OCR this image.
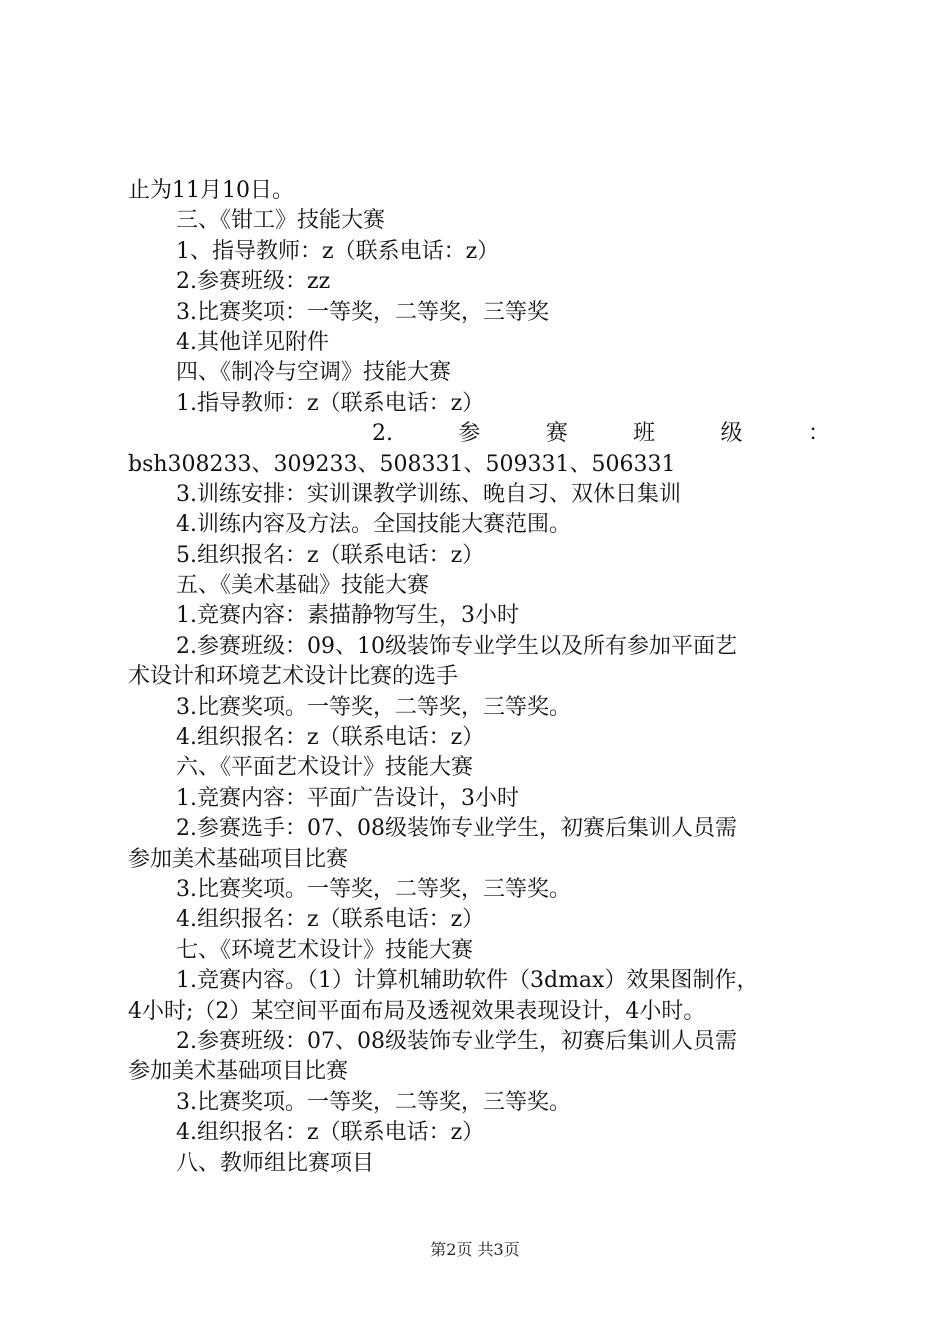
止为11月10日。
三、《钳工》技能大赛
1、指导教师：z（联系电话：z）
2.参赛班级：zz
3.比赛奖项：一等奖，二等奖，三等奖
4.其他详见附件
四、《制冷与空调》技能大赛
1.指导教师：z（联系电话：z）
2.	参	赛	班	级	：
bsh308233、309233、508331、509331、506331
3.训练安排：实训课教学训练、晚自习、双休日集训
4.训练内容及方法。全国技能大赛范围。
5.组织报名：z（联系电话：z）
五、《美术基础》技能大赛
1.竞赛内容：素描静物写生，3小时
2.参赛班级：09、10级装饰专业学生以及所有参加平面艺
术设计和环境艺术设计比赛的选手
3.比赛奖项。一等奖，二等奖，三等奖。
4.组织报名：z（联系电话：z）
六、《平面艺术设计》技能大赛
1.竞赛内容：平面广告设计，3小时
2.参赛选手：07、08级装饰专业学生，初赛后集训人员需
参加美术基础项目比赛
3.比赛奖项。一等奖，二等奖，三等奖。
4.组织报名：z（联系电话：z）
七、《环境艺术设计》技能大赛
1.竞赛内容。（1）计算机辅助软件（3dmax）效果图制作，
4小时;（2）某空间平面布局及透视效果表现设计，4小时。
2.参赛班级：07、08级装饰专业学生，初赛后集训人员需
参加美术基础项目比赛
3.比赛奖项。一等奖，二等奖，三等奖。
4.组织报名：z（联系电话：z）
八、教师组比赛项目
第2页 共3页
